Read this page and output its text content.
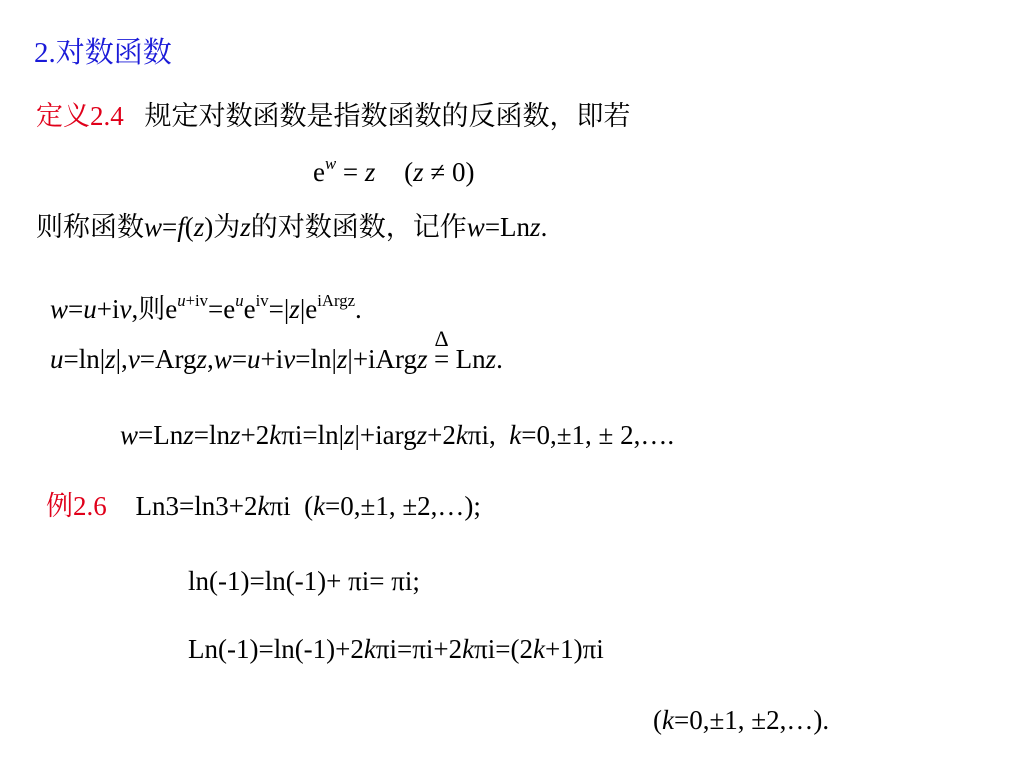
2.对数函数
定义2.4 规定对数函数是指数函数的反函数，即若
$e^w = z$ (z ≠ 0)
则称函数w=f(z)为z的对数函数，记作w=Lnz.
w=u+iv,则$e^{u+iv}=e^ue^{iv}=|z|e^{iArgz}$.
u=ln|z|,v=Argz,w=u+iv=ln|z|+iArgz
Δ
= Lnz.
w=Lnz=lnz+2kπi=ln|z|+iargz+2kπi,  k=0,±1, ± 2,….
例2.6 Ln3=ln3+2kπi  (k=0,±1, ±2,…);
ln(-1)=ln(-1)+ πi= πi;
Ln(-1)=ln(-1)+2kπi=πi+2kπi=(2k+1)πi
(k=0,±1, ±2,…).
